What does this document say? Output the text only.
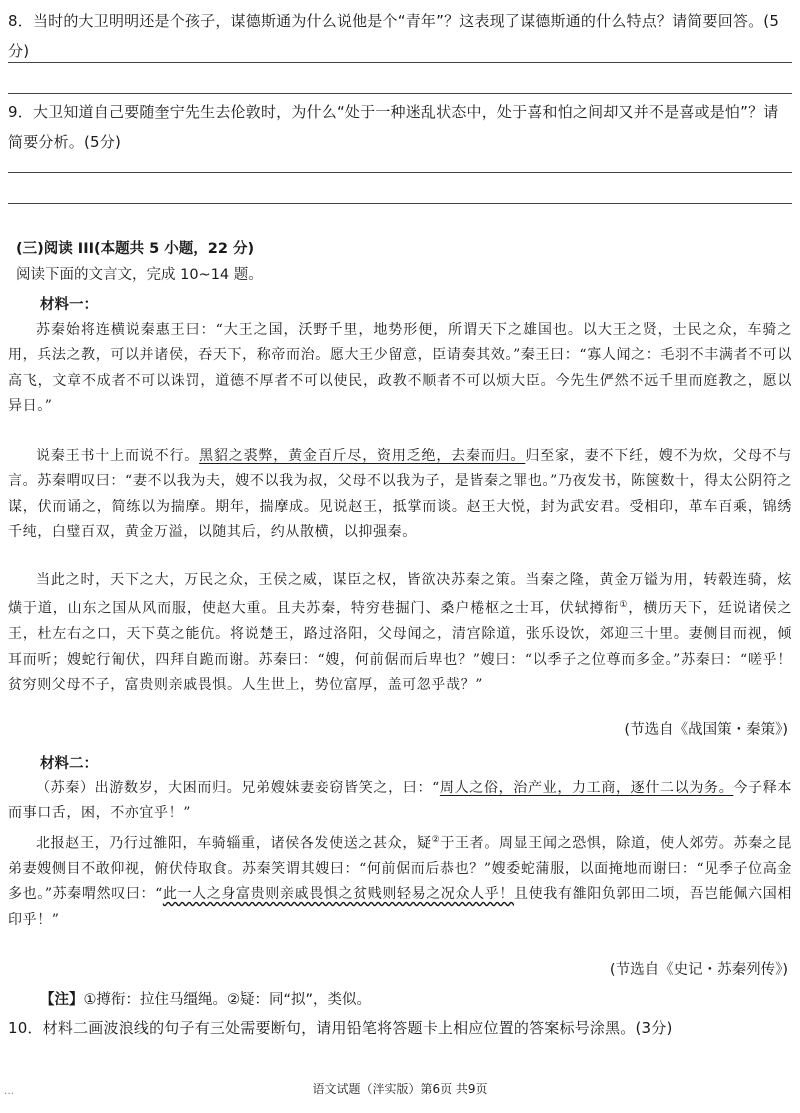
8．当时的大卫明明还是个孩子，谋德斯通为什么说他是个“青年”？这表现了谋德斯通的什么特点？请简要回答。(5分)
9．大卫知道自己要随奎宁先生去伦敦时，为什么“处于一种迷乱状态中，处于喜和怕之间却又并不是喜或是怕”？请简要分析。(5分)
(三)阅读 III(本题共 5 小题，22 分)
阅读下面的文言文，完成 10~14 题。
材料一：
苏秦始将连横说秦惠王曰：“大王之国，沃野千里，地势形便，所谓天下之雄国也。以大王之贤，士民之众，车骑之用，兵法之教，可以并诸侯，吞天下，称帝而治。愿大王少留意，臣请奏其效。”秦王曰：“寡人闻之：毛羽不丰满者不可以高飞，文章不成者不可以诛罚，道德不厚者不可以使民，政教不顺者不可以烦大臣。今先生俨然不远千里而庭教之，愿以异日。”
说秦王书十上而说不行。黑貂之裘弊，黄金百斤尽，资用乏绝，去秦而归。归至家，妻不下纴，嫂不为炊，父母不与言。苏秦喟叹曰：“妻不以我为夫，嫂不以我为叔，父母不以我为子，是皆秦之罪也。”乃夜发书，陈箧数十，得太公阴符之谋，伏而诵之，简练以为揣摩。期年，揣摩成。见说赵王，抵掌而谈。赵王大悦，封为武安君。受相印，革车百乘，锦绣千纯，白璧百双，黄金万溢，以随其后，约从散横，以抑强秦。
当此之时，天下之大，万民之众，王侯之威，谋臣之权，皆欲决苏秦之策。当秦之隆，黄金万镒为用，转毂连骑，炫熿于道，山东之国从风而服，使赵大重。且夫苏秦，特穷巷掘门、桑户棬枢之士耳，伏轼撙衔①，横历天下，廷说诸侯之王，杜左右之口，天下莫之能伉。将说楚王，路过洛阳，父母闻之，清宫除道，张乐设饮，郊迎三十里。妻侧目而视，倾耳而听；嫂蛇行匍伏，四拜自跪而谢。苏秦曰：“嫂，何前倨而后卑也？”嫂曰：“以季子之位尊而多金。”苏秦曰：“嗟乎！贫穷则父母不子，富贵则亲戚畏惧。人生世上，势位富厚，盖可忽乎哉？”
(节选自《战国策・秦策》)
材料二：
（苏秦）出游数岁，大困而归。兄弟嫂妹妻妾窃皆笑之，曰：“周人之俗，治产业，力工商，逐什二以为务。今子释本而事口舌，困，不亦宜乎！”
北报赵王，乃行过雒阳，车骑辎重，诸侯各发使送之甚众，疑②于王者。周显王闻之恐惧，除道，使人郊劳。苏秦之昆弟妻嫂侧目不敢仰视，俯伏侍取食。苏秦笑谓其嫂曰：“何前倨而后恭也？”嫂委蛇蒲服，以面掩地而谢曰：“见季子位高金多也。”苏秦喟然叹曰：“此一人之身富贵则亲戚畏惧之贫贱则轻易之况众人乎！且使我有雒阳负郭田二顷，吾岂能佩六国相印乎！”
(节选自《史记・苏秦列传》)
【注】①撙衔：拉住马缰绳。②疑：同“拟”，类似。
10．材料二画波浪线的句子有三处需要断句，请用铅笔将答题卡上相应位置的答案标号涂黑。(3分)
…	语文试题（泮实版）第6页 共9页
